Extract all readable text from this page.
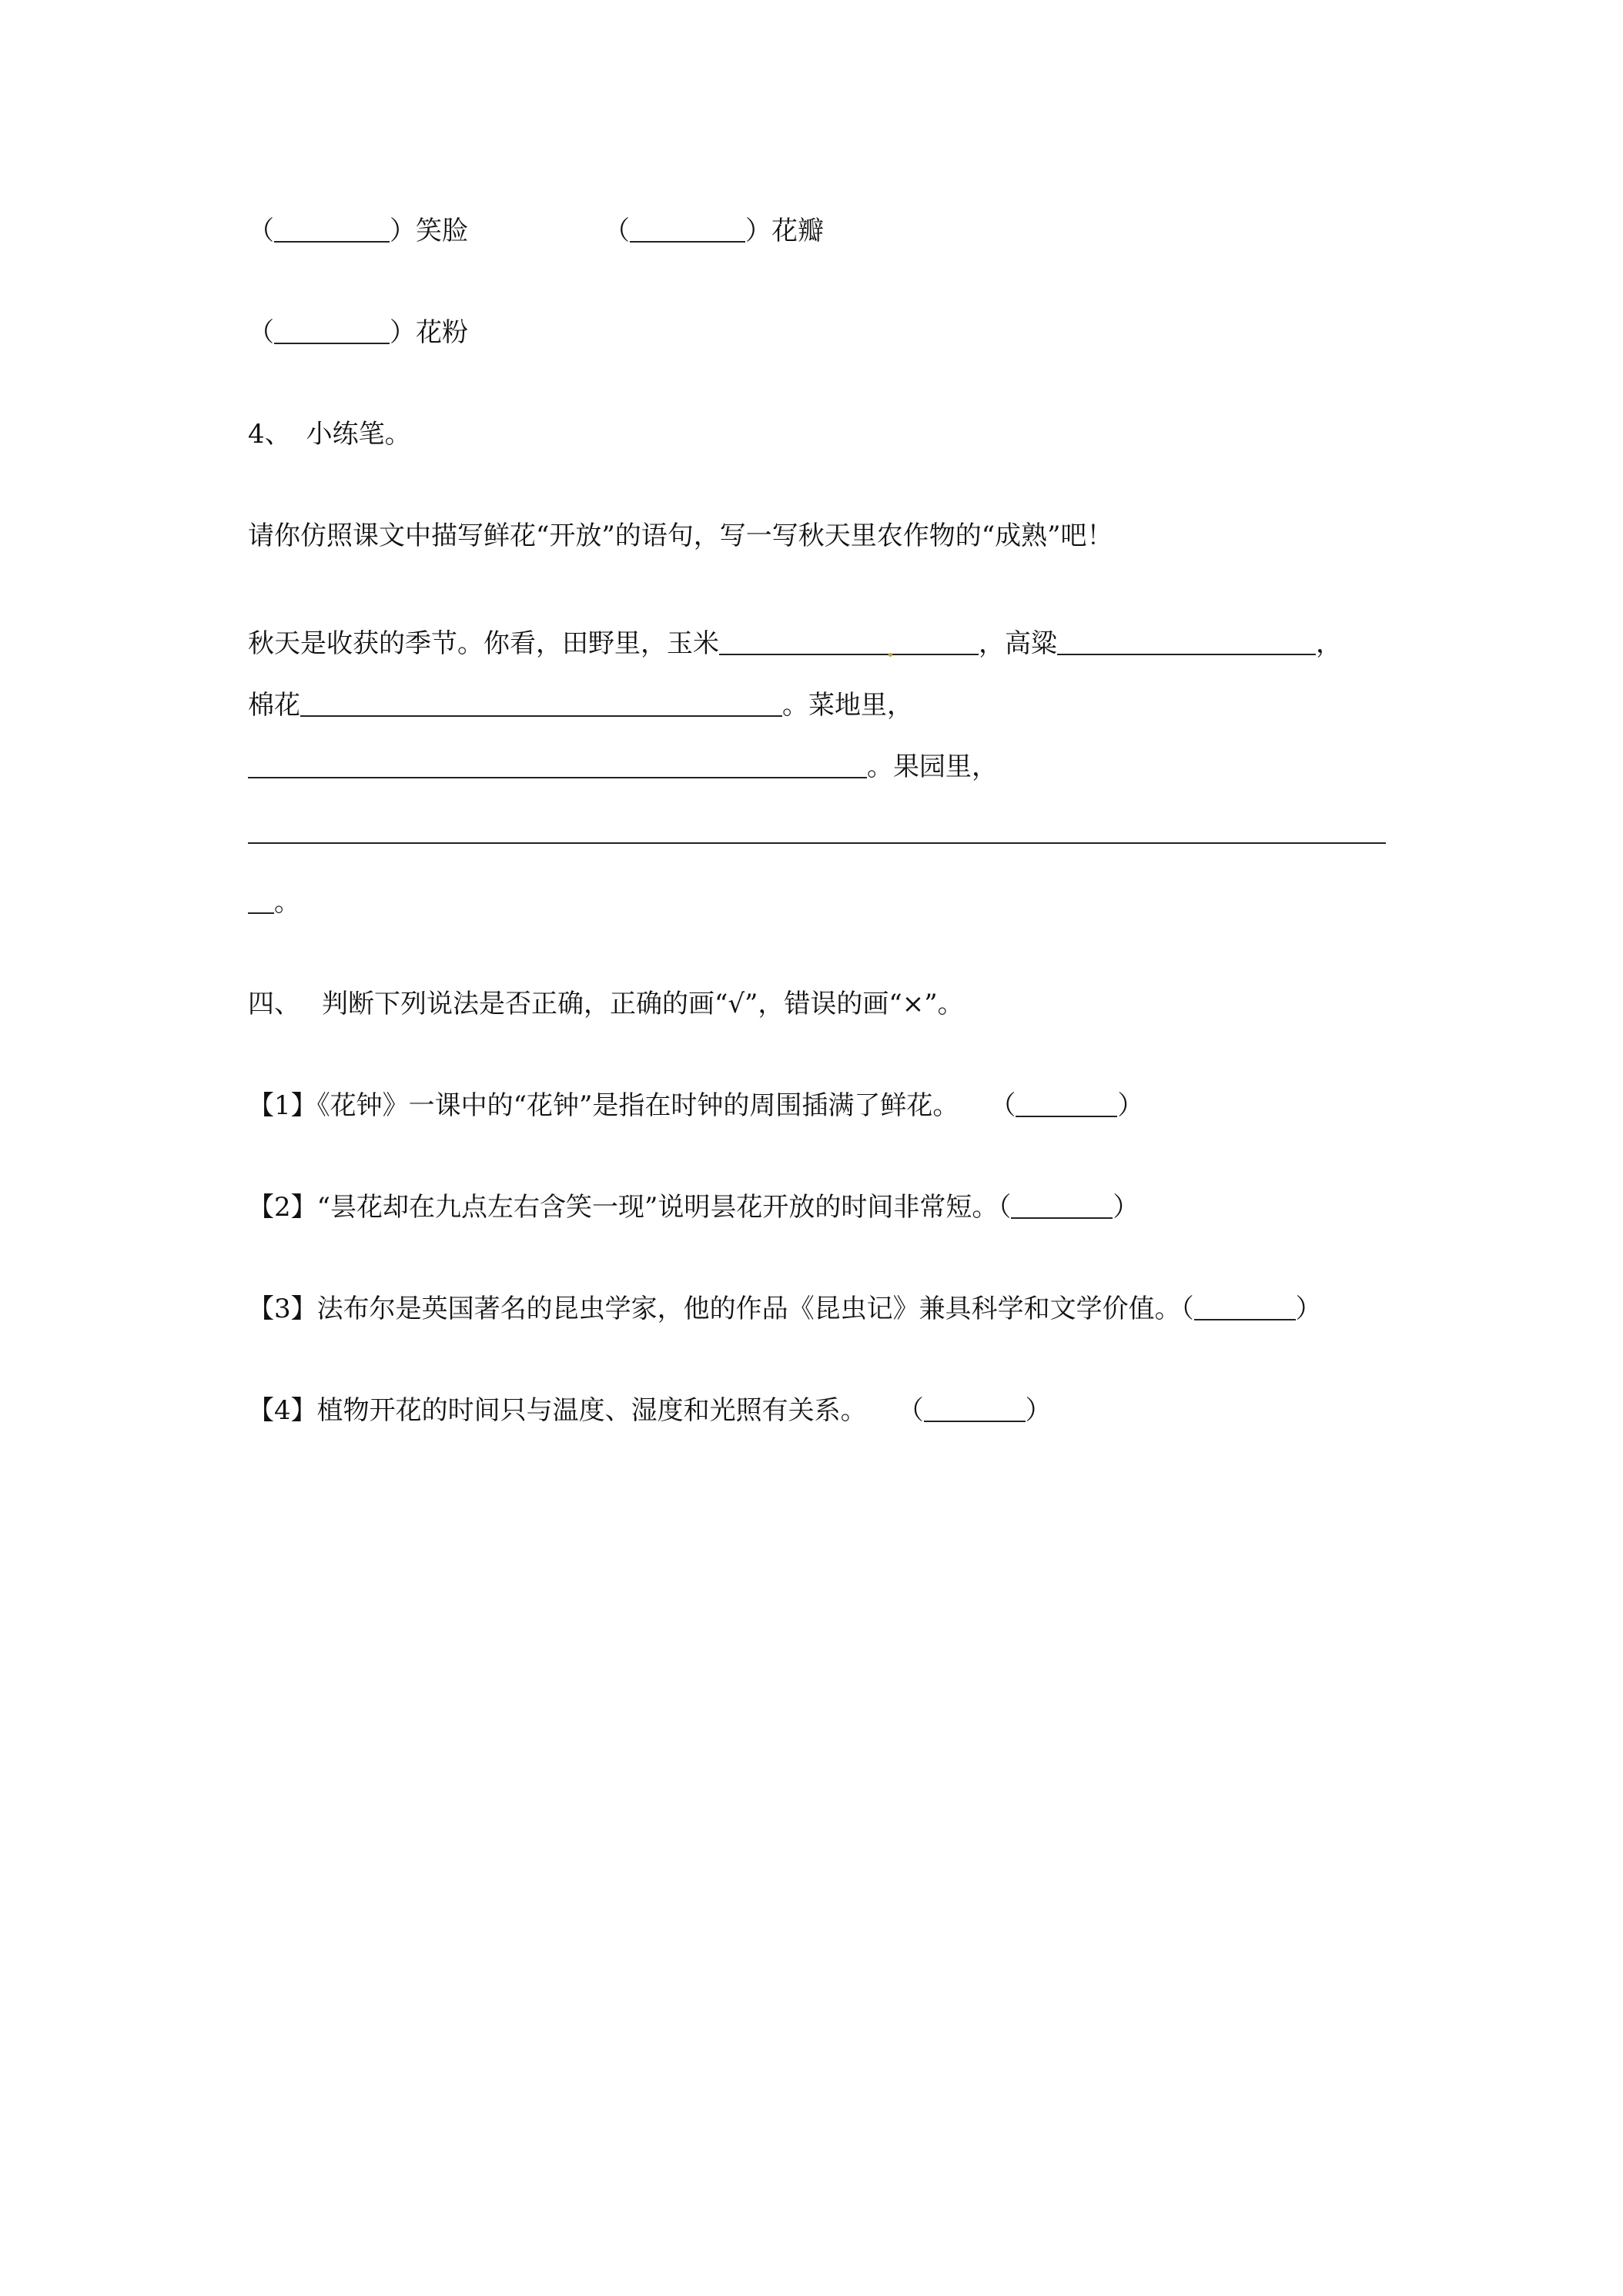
（	）笑脸	（	）花瓣
（	）花粉
4、 小练笔。
请你仿照课文中描写鲜花“开放”的语句，写一写秋天里农作物的“成熟”吧！
秋天是收获的季节。你看，田野里，玉米	，高粱	，
棉花	。菜地里，
。果园里，
。
四、 判断下列说法是否正确，正确的画“√”，错误的画“×”。
【1】《花钟》一课中的“花钟”是指在时钟的周围插满了鲜花。 （	）
【2】“昙花却在九点左右含笑一现”说明昙花开放的时间非常短。（	）
【3】法布尔是英国著名的昆虫学家，他的作品《昆虫记》兼具科学和文学价值。（	）
【4】植物开花的时间只与温度、湿度和光照有关系。 （	）
